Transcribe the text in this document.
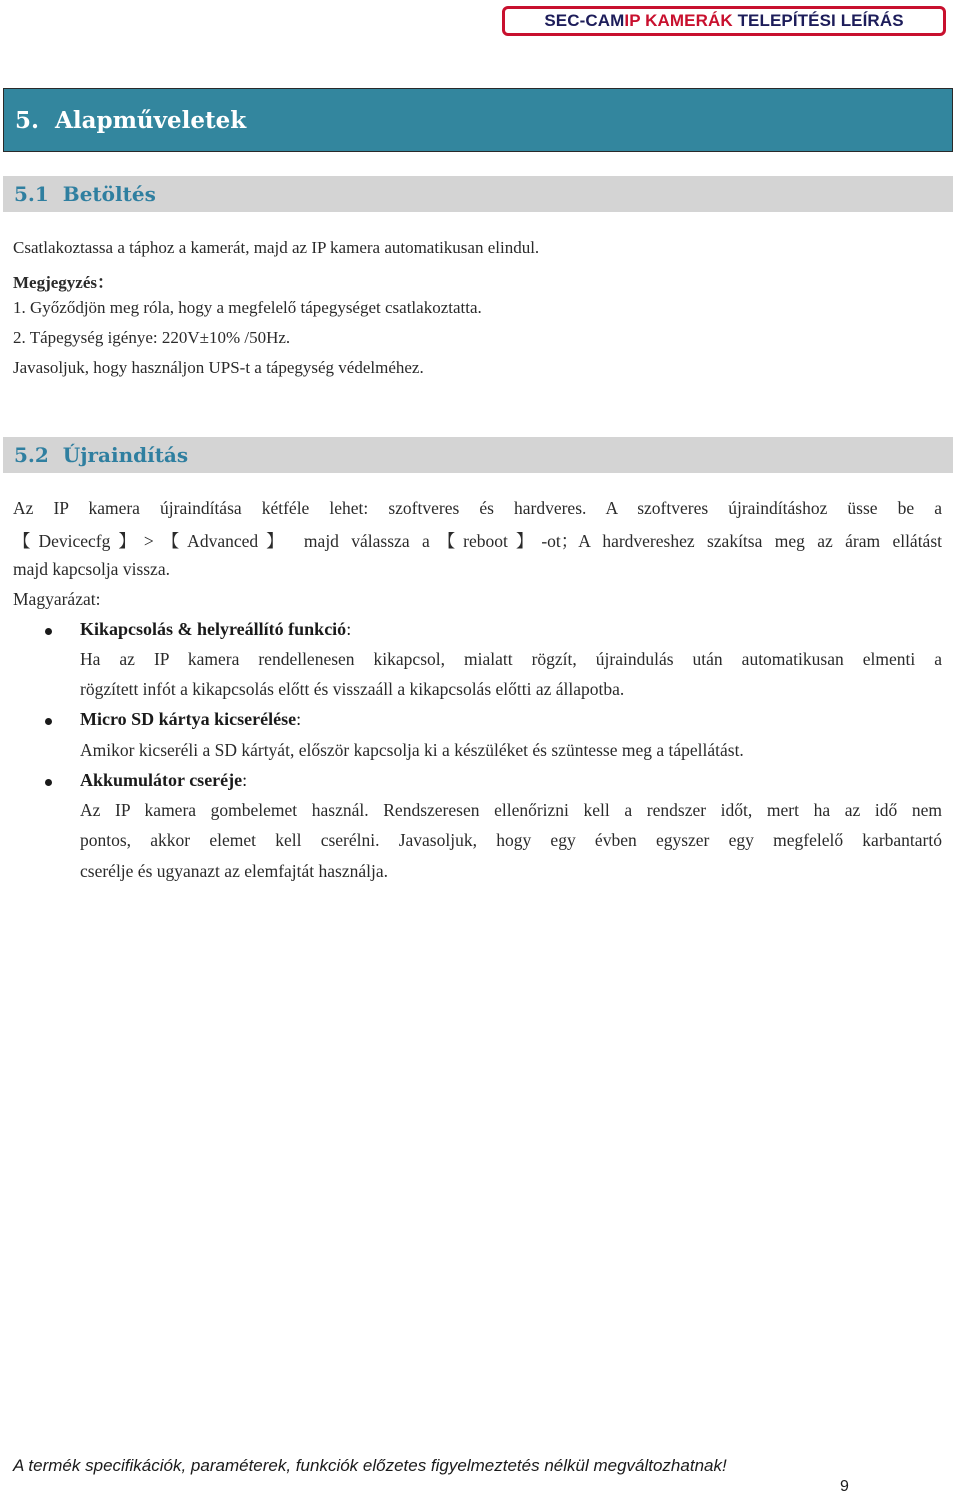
SEC-CAM IP KAMERÁK TELEPÍTÉSI LEÍRÁS
5.  Alapműveletek
5.1 Betöltés
Csatlakoztassa a táphoz a kamerát, majd az IP kamera automatikusan elindul.
Megjegyzés：
1. Győződjön meg róla, hogy a megfelelő tápegységet csatlakoztatta.
2. Tápegység igénye: 220V±10% /50Hz.
Javasoljuk, hogy használjon UPS-t a tápegység védelméhez.
5.2 Újraindítás
Az IP kamera újraindítása kétféle lehet: szoftveres és hardveres. A szoftveres újraindításhoz üsse be a
【Devicecfg】>【Advanced】 majd válassza a【reboot】-ot；A hardvereshez szakítsa meg az áram ellátást
majd kapcsolja vissza.
Magyarázat:
Kikapcsolás & helyreállító funkció:
Ha az IP kamera rendellenesen kikapcsol, mialatt rögzít, újraindulás után automatikusan elmenti a
rögzített infót a kikapcsolás előtt és visszaáll a kikapcsolás előtti az állapotba.
Micro SD kártya kicserélése:
Amikor kicseréli a SD kártyát, először kapcsolja ki a készüléket és szüntesse meg a tápellátást.
Akkumulátor cseréje:
Az IP kamera gombelemet használ. Rendszeresen ellenőrizni kell a rendszer időt, mert ha az idő nem
pontos, akkor elemet kell cserélni. Javasoljuk, hogy egy évben egyszer egy megfelelő karbantartó
cserélje és ugyanazt az elemfajtát használja.
A termék specifikációk, paraméterek, funkciók előzetes figyelmeztetés nélkül megváltozhatnak!
9
